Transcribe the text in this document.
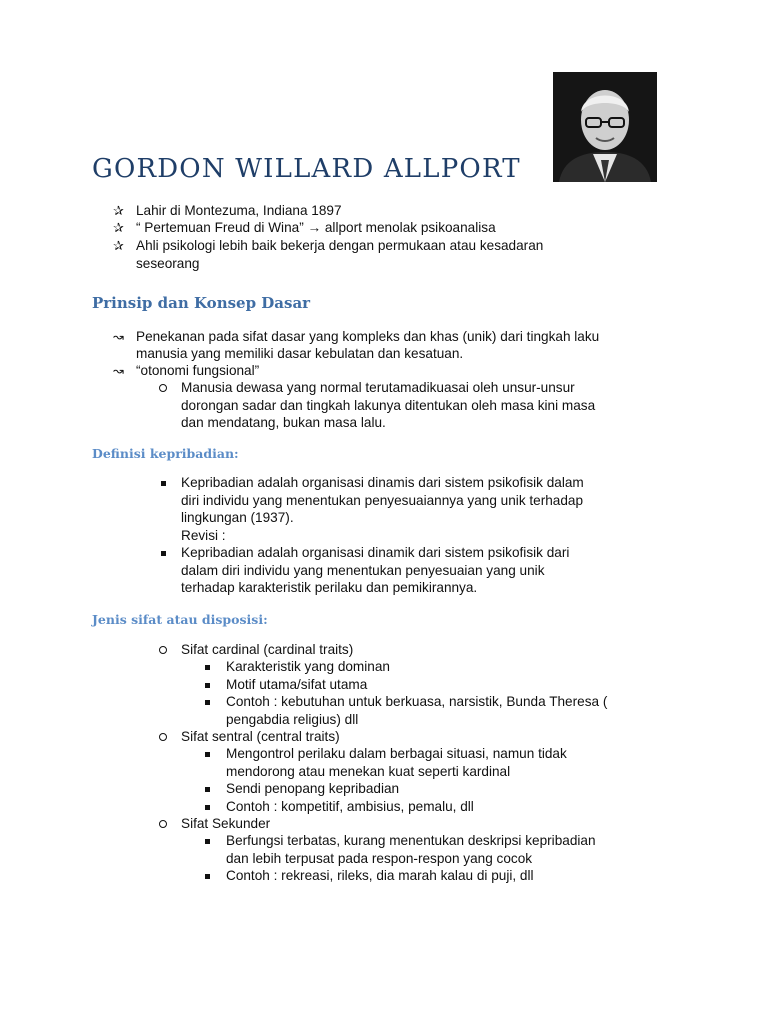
GORDON WILLARD ALLPORT
✰ Lahir di Montezuma, Indiana 1897
✰ “ Pertemuan Freud di Wina” → allport menolak psikoanalisa
✰ Ahli psikologi lebih baik bekerja dengan permukaan atau kesadaran
seseorang
Prinsip dan Konsep Dasar
↝ Penekanan pada sifat dasar yang kompleks dan khas (unik) dari tingkah laku
manusia yang memiliki dasar kebulatan dan kesatuan.
↝ “otonomi fungsional”
Manusia dewasa yang normal terutamadikuasai oleh unsur-unsur
dorongan sadar dan tingkah lakunya ditentukan oleh masa kini masa
dan mendatang, bukan masa lalu.
Definisi kepribadian:
Kepribadian adalah organisasi dinamis dari sistem psikofisik dalam
diri individu yang menentukan penyesuaiannya yang unik terhadap
lingkungan (1937).
Revisi :
Kepribadian adalah organisasi dinamik dari sistem psikofisik dari
dalam diri individu yang menentukan penyesuaian yang unik
terhadap karakteristik perilaku dan pemikirannya.
Jenis sifat atau disposisi:
Sifat cardinal (cardinal traits)
Karakteristik yang dominan
Motif utama/sifat utama
Contoh : kebutuhan untuk berkuasa, narsistik, Bunda Theresa (
pengabdia religius) dll
Sifat sentral (central traits)
Mengontrol perilaku dalam berbagai situasi, namun tidak
mendorong atau menekan kuat seperti kardinal
Sendi penopang kepribadian
Contoh : kompetitif, ambisius, pemalu, dll
Sifat Sekunder
Berfungsi terbatas, kurang menentukan deskripsi kepribadian
dan lebih terpusat pada respon-respon yang cocok
Contoh : rekreasi, rileks, dia marah kalau di puji, dll
